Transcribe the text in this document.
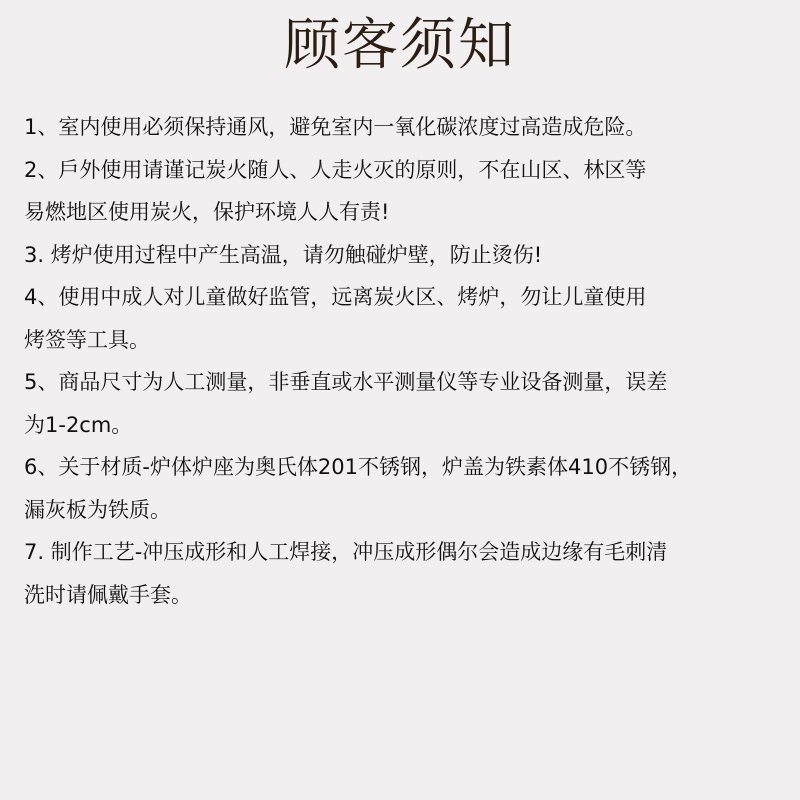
顾客须知
1、室内使用必须保持通风，避免室内一氧化碳浓度过高造成危险。
2、戶外使用请谨记炭火随人、人走火灭的原则，不在山区、林区等
易燃地区使用炭火，保护环境人人有责!
3. 烤炉使用过程中产生高温，请勿触碰炉壁，防止烫伤!
4、使用中成人对儿童做好监管，远离炭火区、烤炉，勿让儿童使用
烤签等工具。
5、商品尺寸为人工测量，非垂直或水平测量仪等专业设备测量，误差
为1-2cm。
6、关于材质-炉体炉座为奥氏体201不锈钢，炉盖为铁素体410不锈钢，
漏灰板为铁质。
7. 制作工艺-冲压成形和人工焊接，冲压成形偶尔会造成边缘有毛刺清
洗时请佩戴手套。
